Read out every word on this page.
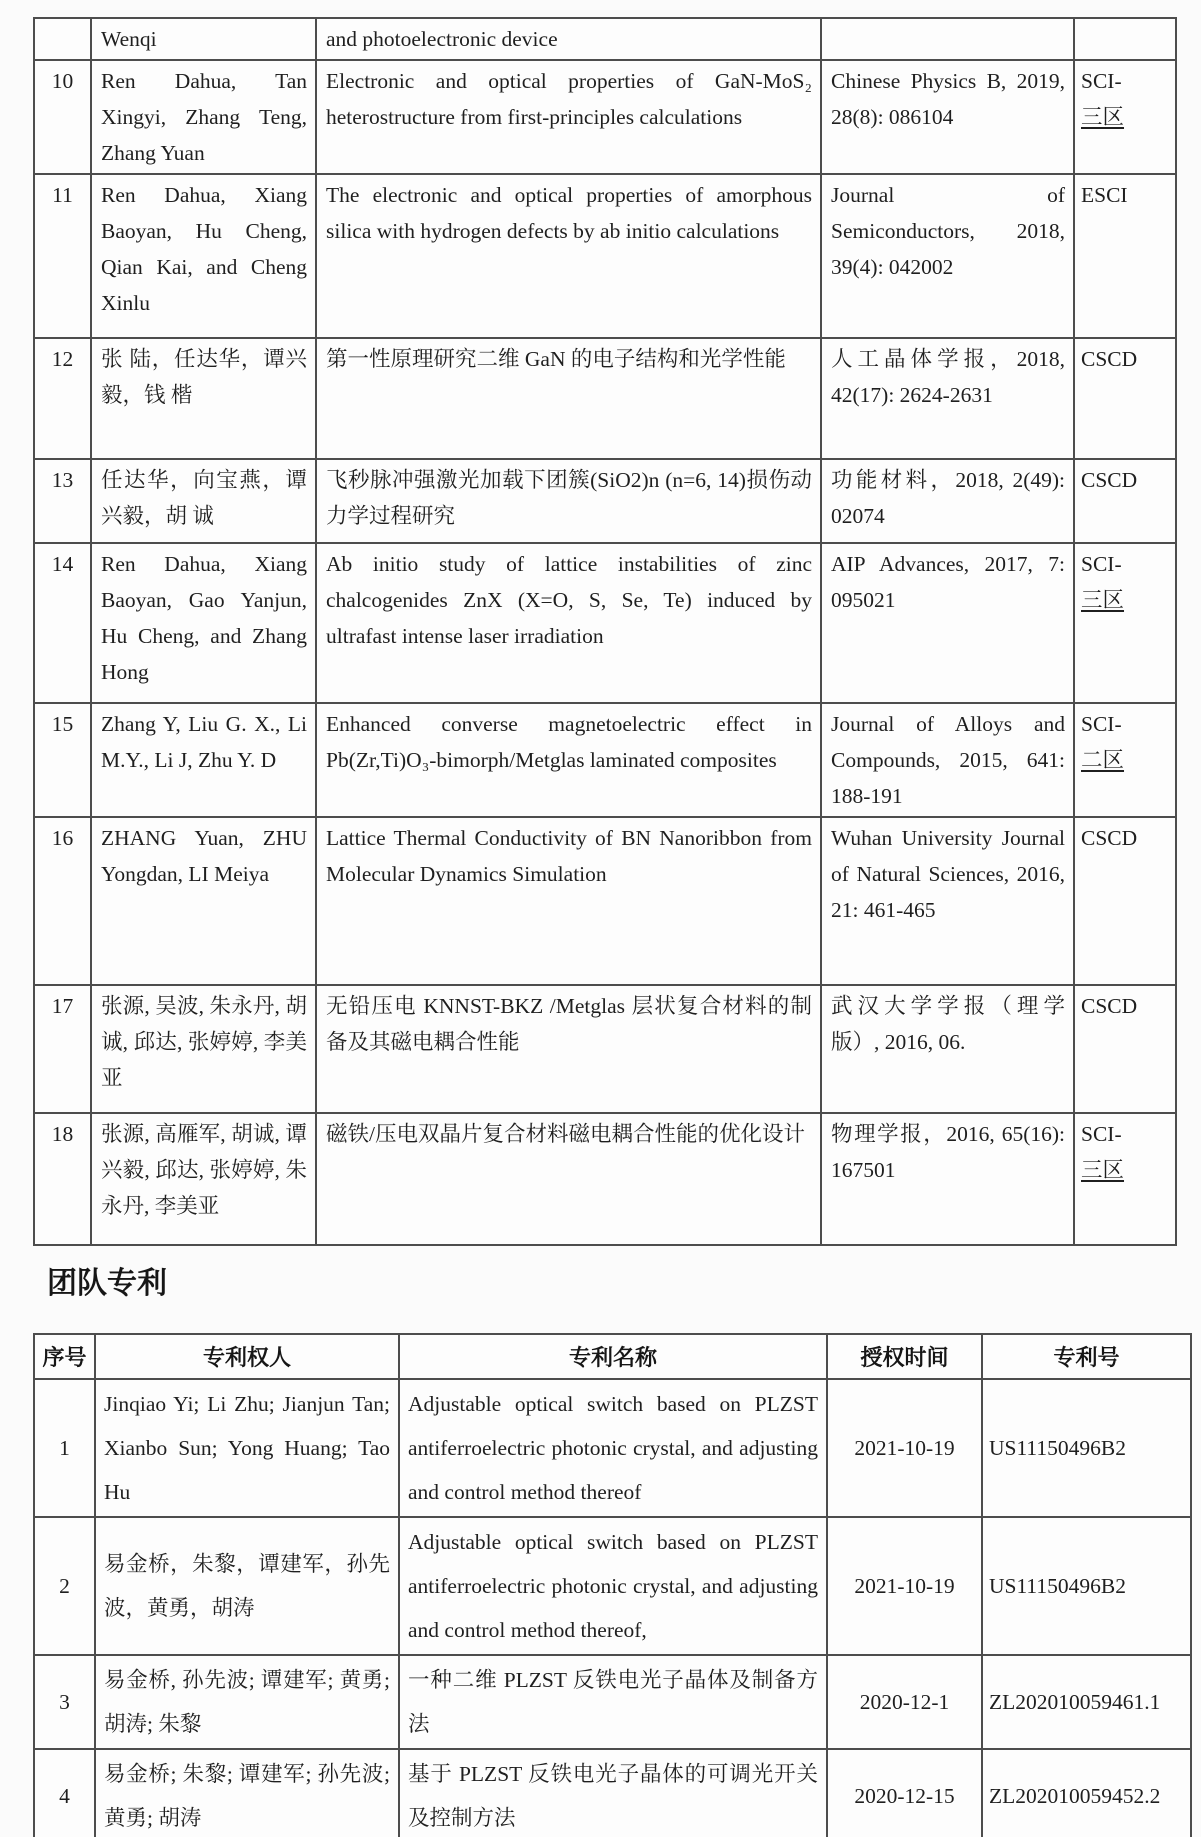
	Wenqi	and photoelectronic device		
10	Ren Dahua, Tan Xingyi, Zhang Teng, Zhang Yuan	Electronic and optical properties of GaN-MoS₂ heterostructure from first-principles calculations	Chinese Physics B, 2019, 28(8): 086104	SCI-
三区
11	Ren Dahua, Xiang Baoyan, Hu Cheng, Qian Kai, and Cheng Xinlu	The electronic and optical properties of amorphous silica with hydrogen defects by ab initio calculations	Journal of Semiconductors, 2018, 39(4): 042002	ESCI
12	张 陆，任达华，谭兴毅，钱 楷	第一性原理研究二维 GaN 的电子结构和光学性能	人工晶体学报，2018, 42(17): 2624-2631	CSCD
13	任达华，向宝燕，谭兴毅，胡 诚	飞秒脉冲强激光加载下团簇(SiO2)n (n=6, 14)损伤动力学过程研究	功能材料，2018, 2(49): 02074	CSCD
14	Ren Dahua, Xiang Baoyan, Gao Yanjun, Hu Cheng, and Zhang Hong	Ab initio study of lattice instabilities of zinc chalcogenides ZnX (X=O, S, Se, Te) induced by ultrafast intense laser irradiation	AIP Advances, 2017, 7: 095021	SCI-
三区
15	Zhang Y, Liu G. X., Li M.Y., Li J, Zhu Y. D	Enhanced converse magnetoelectric effect in Pb(Zr,Ti)O₃-bimorph/Metglas laminated composites	Journal of Alloys and Compounds, 2015, 641: 188-191	SCI-
二区
16	ZHANG Yuan, ZHU Yongdan, LI Meiya	Lattice Thermal Conductivity of BN Nanoribbon from Molecular Dynamics Simulation	Wuhan University Journal of Natural Sciences, 2016, 21: 461-465	CSCD
17	张源, 吴波, 朱永丹, 胡诚, 邱达, 张婷婷, 李美亚	无铅压电 KNNST-BKZ /Metglas 层状复合材料的制备及其磁电耦合性能	武汉大学学报（理学版）, 2016, 06.	CSCD
18	张源, 高雁军, 胡诚, 谭兴毅, 邱达, 张婷婷, 朱永丹, 李美亚	磁铁/压电双晶片复合材料磁电耦合性能的优化设计	物理学报，2016, 65(16): 167501	SCI-
三区
团队专利
序号	专利权人	专利名称	授权时间	专利号
1	Jinqiao Yi; Li Zhu; Jianjun Tan; Xianbo Sun; Yong Huang; Tao Hu	Adjustable optical switch based on PLZST antiferroelectric photonic crystal, and adjusting and control method thereof	2021-10-19	US11150496B2
2	易金桥，朱黎，谭建军，孙先波，黄勇，胡涛	Adjustable optical switch based on PLZST antiferroelectric photonic crystal, and adjusting and control method thereof,	2021-10-19	US11150496B2
3	易金桥, 孙先波; 谭建军; 黄勇; 胡涛; 朱黎	一种二维 PLZST 反铁电光子晶体及制备方法	2020-12-1	ZL202010059461.1
4	易金桥; 朱黎; 谭建军; 孙先波; 黄勇; 胡涛	基于 PLZST 反铁电光子晶体的可调光开关及控制方法	2020-12-15	ZL202010059452.2
